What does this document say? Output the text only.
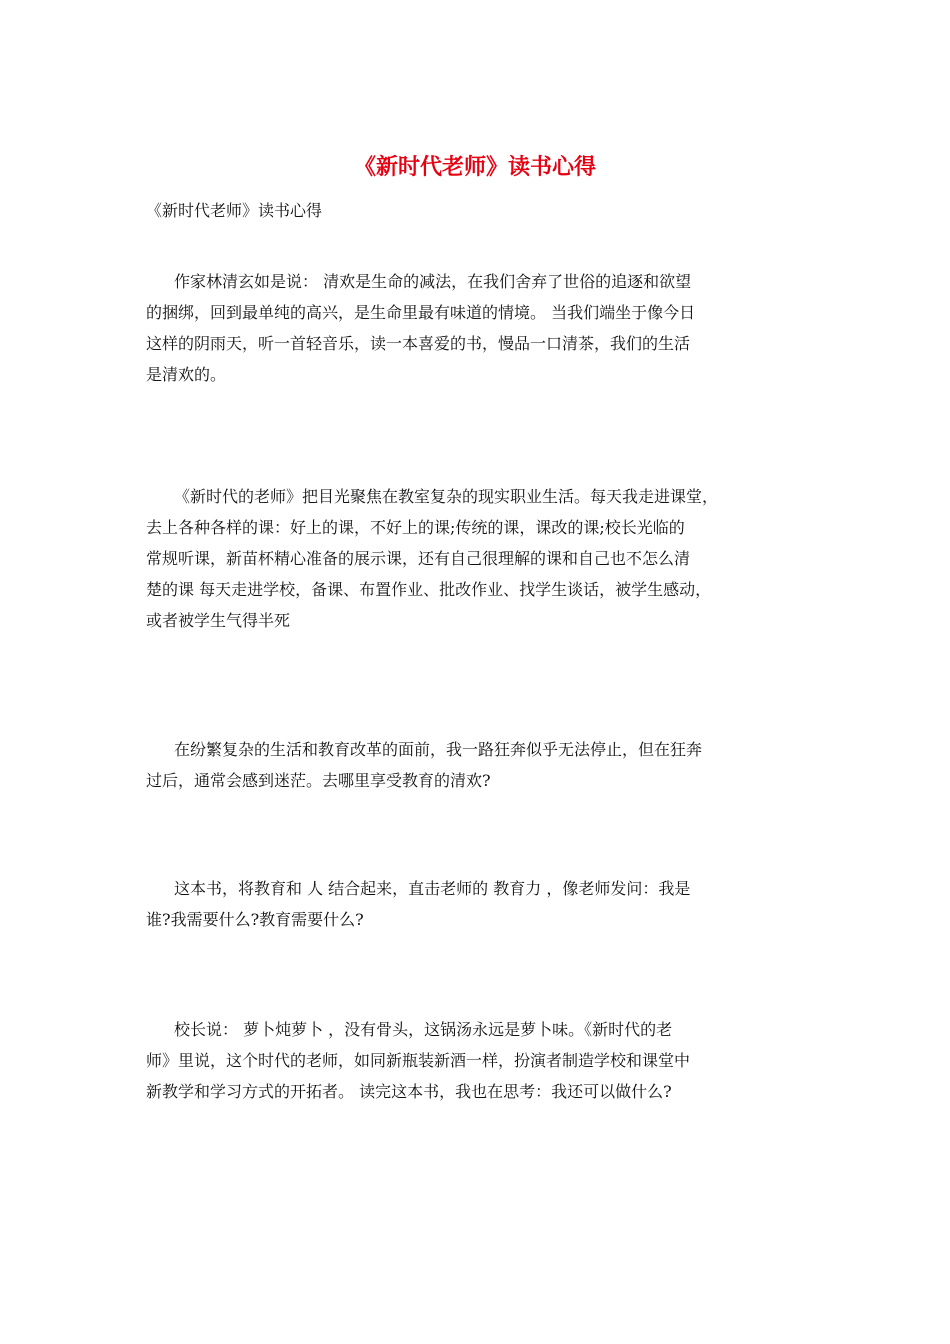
《新时代老师》读书心得

《新时代老师》读书心得

作家林清玄如是说： 清欢是生命的减法，在我们舍弃了世俗的追逐和欲望
的捆绑，回到最单纯的高兴，是生命里最有味道的情境。 当我们端坐于像今日
这样的阴雨天，听一首轻音乐，读一本喜爱的书，慢品一口清茶，我们的生活
是清欢的。

《新时代的老师》把目光聚焦在教室复杂的现实职业生活。每天我走进课堂，
去上各种各样的课：好上的课，不好上的课;传统的课，课改的课;校长光临的
常规听课，新苗杯精心准备的展示课，还有自己很理解的课和自己也不怎么清
楚的课 每天走进学校，备课、布置作业、批改作业、找学生谈话，被学生感动，
或者被学生气得半死

在纷繁复杂的生活和教育改革的面前，我一路狂奔似乎无法停止，但在狂奔
过后，通常会感到迷茫。去哪里享受教育的清欢?

这本书，将教育和 人 结合起来，直击老师的 教育力 ，像老师发问：我是
谁?我需要什么?教育需要什么?

校长说： 萝卜炖萝卜 ，没有骨头，这锅汤永远是萝卜味。《新时代的老
师》里说，这个时代的老师，如同新瓶装新酒一样，扮演者制造学校和课堂中
新教学和学习方式的开拓者。 读完这本书，我也在思考：我还可以做什么?
